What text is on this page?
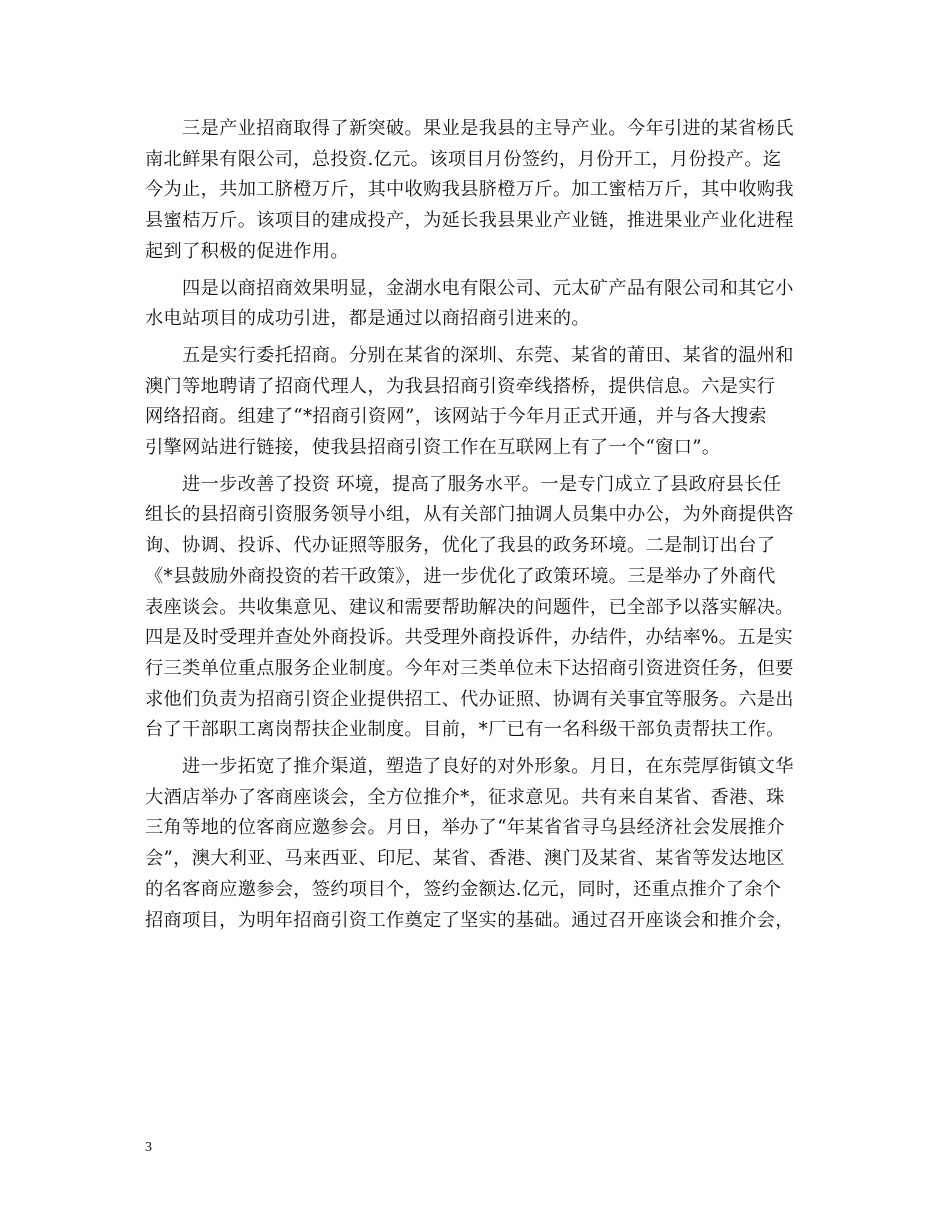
三是产业招商取得了新突破。果业是我县的主导产业。今年引进的某省杨氏
南北鲜果有限公司，总投资.亿元。该项目月份签约，月份开工，月份投产。迄
今为止，共加工脐橙万斤，其中收购我县脐橙万斤。加工蜜桔万斤，其中收购我
县蜜桔万斤。该项目的建成投产，为延长我县果业产业链，推进果业产业化进程
起到了积极的促进作用。
四是以商招商效果明显，金湖水电有限公司、元太矿产品有限公司和其它小
水电站项目的成功引进，都是通过以商招商引进来的。
五是实行委托招商。分别在某省的深圳、东莞、某省的莆田、某省的温州和
澳门等地聘请了招商代理人，为我县招商引资牵线搭桥，提供信息。六是实行
网络招商。组建了“*招商引资网”，该网站于今年月正式开通，并与各大搜索
引擎网站进行链接，使我县招商引资工作在互联网上有了一个“窗口”。
进一步改善了投资 环境，提高了服务水平。一是专门成立了县政府县长任
组长的县招商引资服务领导小组，从有关部门抽调人员集中办公，为外商提供咨
询、协调、投诉、代办证照等服务，优化了我县的政务环境。二是制订出台了
《*县鼓励外商投资的若干政策》，进一步优化了政策环境。三是举办了外商代
表座谈会。共收集意见、建议和需要帮助解决的问题件，已全部予以落实解决。
四是及时受理并查处外商投诉。共受理外商投诉件，办结件，办结率%。五是实
行三类单位重点服务企业制度。今年对三类单位未下达招商引资进资任务，但要
求他们负责为招商引资企业提供招工、代办证照、协调有关事宜等服务。六是出
台了干部职工离岗帮扶企业制度。目前，*厂已有一名科级干部负责帮扶工作。
进一步拓宽了推介渠道，塑造了良好的对外形象。月日，在东莞厚街镇文华
大酒店举办了客商座谈会，全方位推介*，征求意见。共有来自某省、香港、珠
三角等地的位客商应邀参会。月日，举办了“年某省省寻乌县经济社会发展推介
会”，澳大利亚、马来西亚、印尼、某省、香港、澳门及某省、某省等发达地区
的名客商应邀参会，签约项目个，签约金额达.亿元，同时，还重点推介了余个
招商项目，为明年招商引资工作奠定了坚实的基础。通过召开座谈会和推介会，
3
